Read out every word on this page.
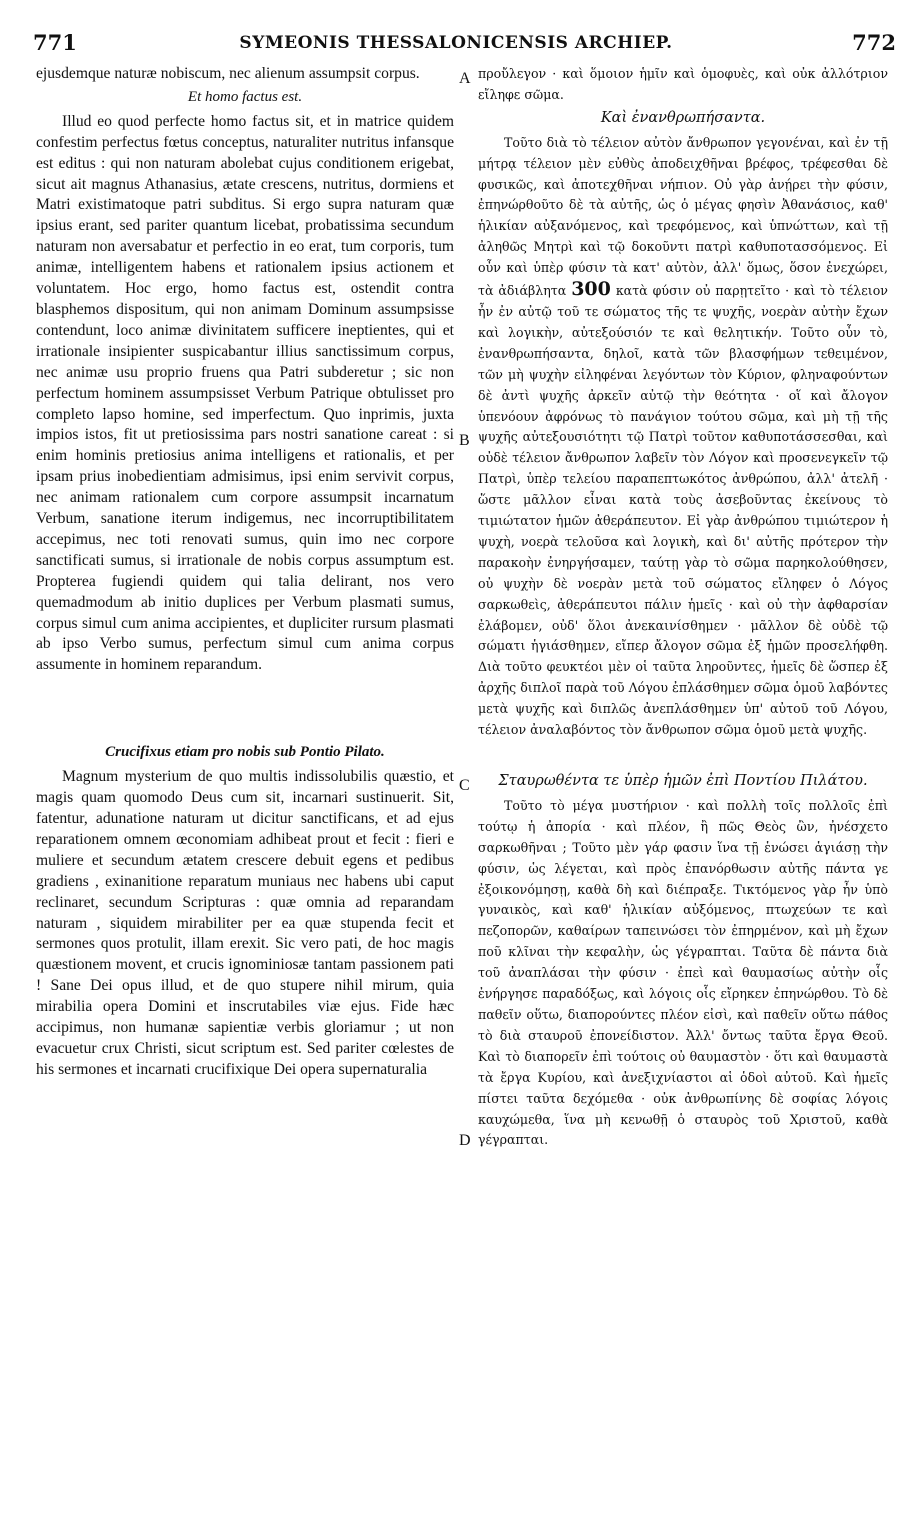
771	SYMEONIS THESSALONICENSIS ARCHIEP.	772

ejusdemque naturæ nobiscum, nec alienum assumpsit corpus.

Et homo factus est.

Illud eo quod perfecte homo factus sit, et in matrice quidem confestim perfectus fœtus conceptus, naturaliter nutritus infansque est editus : qui non naturam abolebat cujus conditionem erigebat, sicut ait magnus Athanasius, ætate crescens, nutritus, dormiens et Matri existimatoque patri subditus. Si ergo supra naturam quæ ipsius erant, sed pariter quantum licebat, probatissima secundum naturam non aversabatur et perfectio in eo erat, tum corporis, tum animæ, intelligentem habens et rationalem ipsius actionem et voluntatem. Hoc ergo, homo factus est, ostendit contra blasphemos dispositum, qui non animam Dominum assumpsisse contendunt, loco animæ divinitatem sufficere ineptientes, qui et irrationale insipienter suspicabantur illius sanctissimum corpus, nec animæ usu proprio fruens qua Patri subderetur ; sic non perfectum hominem assumpsisset Verbum Patrique obtulisset pro completo lapso homine, sed imperfectum. Quo inprimis, juxta impios istos, fit ut pretiosissima pars nostri sanatione careat : si enim hominis pretiosius anima intelligens et rationalis, et per ipsam prius inobedientiam admisimus, ipsi enim servivit corpus, nec animam rationalem cum corpore assumpsit incarnatum Verbum, sanatione iterum indigemus, nec incorruptibilitatem accepimus, nec toti renovati sumus, quin imo nec corpore sanctificati sumus, si irrationale de nobis corpus assumptum est. Propterea fugiendi quidem qui talia delirant, nos vero quemadmodum ab initio duplices per Verbum plasmati sumus, corpus simul cum anima accipientes, et dupliciter rursum plasmati ab ipso Verbo sumus, perfectum simul cum anima corpus assumente in hominem reparandum.

Crucifixus etiam pro nobis sub Pontio Pilato.

Magnum mysterium de quo multis indissolubilis quæstio, et magis quam quomodo Deus cum sit, incarnari sustinuerit. Sit, fatentur, adunatione naturam ut dicitur sanctificans, et ad ejus reparationem omnem œconomiam adhibeat prout et fecit : fieri e muliere et secundum ætatem crescere debuit egens et pedibus gradiens , exinanitione reparatum muniaus nec habens ubi caput reclinaret, secundum Scripturas : quæ omnia ad reparandam naturam , siquidem mirabiliter per ea quæ stupenda fecit et sermones quos protulit, illam erexit. Sic vero pati, de hoc magis quæstionem movent, et crucis ignominiosæ tantam passionem pati ! Sane Dei opus illud, et de quo stupere nihil mirum, quia mirabilia opera Domini et inscrutabiles viæ ejus. Fide hæc accipimus, non humanæ sapientiæ verbis gloriamur ; ut non evacuetur crux Christi, sicut scriptum est. Sed pariter cœlestes de his sermones et incarnati crucifixique Dei opera supernaturalia

A
B
C
D

προὔλεγον · καὶ ὅμοιον ἡμῖν καὶ ὁμοφυὲς, καὶ οὐκ ἀλλότριον εἴληφε σῶμα.

Καὶ ἐνανθρωπήσαντα.

Τοῦτο διὰ τὸ τέλειον αὐτὸν ἄνθρωπον γεγονέναι, καὶ ἐν τῇ μήτρᾳ τέλειον μὲν εὐθὺς ἀποδειχθῆναι βρέφος, τρέφεσθαι δὲ φυσικῶς, καὶ ἀποτεχθῆναι νήπιον. Οὐ γὰρ ἀνῄρει τὴν φύσιν, ἐπηνώρθοῦτο δὲ τὰ αὐτῆς, ὡς ὁ μέγας φησὶν Ἀθανάσιος, καθ' ἡλικίαν αὐξανόμενος, καὶ τρεφόμενος, καὶ ὑπνώττων, καὶ τῇ ἀληθῶς Μητρὶ καὶ τῷ δοκοῦντι πατρὶ καθυποτασσόμενος. Εἰ οὖν καὶ ὑπὲρ φύσιν τὰ κατ' αὐτὸν, ἀλλ' ὅμως, ὅσον ἐνεχώρει, τὰ ἀδιάβλητα 300 κατὰ φύσιν οὐ παρῃτεῖτο · καὶ τὸ τέλειον ἦν ἐν αὐτῷ τοῦ τε σώματος τῆς τε ψυχῆς, νοερὰν αὐτὴν ἔχων καὶ λογικὴν, αὐτεξούσιόν τε καὶ θελητικήν. Τοῦτο οὖν τὸ, ἐνανθρωπήσαντα, δηλοῖ, κατὰ τῶν βλασφήμων τεθειμένον, τῶν μὴ ψυχὴν εἰληφέναι λεγόντων τὸν Κύριον, φληναφούντων δὲ ἀντὶ ψυχῆς ἀρκεῖν αὐτῷ τὴν θεότητα · οἵ καὶ ἄλογον ὑπενόουν ἀφρόνως τὸ πανάγιον τούτου σῶμα, καὶ μὴ τῇ τῆς ψυχῆς αὐτεξουσιότητι τῷ Πατρὶ τοῦτον καθυποτάσσεσθαι, καὶ οὐδὲ τέλειον ἄνθρωπον λαβεῖν τὸν Λόγον καὶ προσενεγκεῖν τῷ Πατρὶ, ὑπὲρ τελείου παραπεπτωκότος ἀνθρώπου, ἀλλ' ἀτελῆ · ὥστε μᾶλλον εἶναι κατὰ τοὺς ἀσεβοῦντας ἐκείνους τὸ τιμιώτατον ἡμῶν ἀθεράπευτον. Εἰ γὰρ ἀνθρώπου τιμιώτερον ἡ ψυχὴ, νοερὰ τελοῦσα καὶ λογικὴ, καὶ δι' αὐτῆς πρότερον τὴν παρακοὴν ἐνηργήσαμεν, ταύτῃ γὰρ τὸ σῶμα παρηκολούθησεν, οὐ ψυχὴν δὲ νοερὰν μετὰ τοῦ σώματος εἴληφεν ὁ Λόγος σαρκωθεὶς, ἀθεράπευτοι πάλιν ἡμεῖς · καὶ οὐ τὴν ἀφθαρσίαν ἐλάβομεν, οὐδ' ὅλοι ἀνεκαινίσθημεν · μᾶλλον δὲ οὐδὲ τῷ σώματι ἡγιάσθημεν, εἴπερ ἄλογον σῶμα ἐξ ἡμῶν προσελήφθη. Διὰ τοῦτο φευκτέοι μὲν οἱ ταῦτα ληροῦντες, ἡμεῖς δὲ ὥσπερ ἐξ ἀρχῆς διπλοῖ παρὰ τοῦ Λόγου ἐπλάσθημεν σῶμα ὁμοῦ λαβόντες μετὰ ψυχῆς καὶ διπλῶς ἀνεπλάσθημεν ὑπ' αὐτοῦ τοῦ Λόγου, τέλειον ἀναλαβόντος τὸν ἄνθρωπον σῶμα ὁμοῦ μετὰ ψυχῆς.

Σταυρωθέντα τε ὑπὲρ ἡμῶν ἐπὶ Ποντίου Πιλάτου.

Τοῦτο τὸ μέγα μυστήριον · καὶ πολλὴ τοῖς πολλοῖς ἐπὶ τούτῳ ἡ ἀπορία · καὶ πλέον, ἢ πῶς Θεὸς ὢν, ἠνέσχετο σαρκωθῆναι ; Τοῦτο μὲν γάρ φασιν ἵνα τῇ ἑνώσει ἁγιάσῃ τὴν φύσιν, ὡς λέγεται, καὶ πρὸς ἐπανόρθωσιν αὐτῆς πάντα γε ἐξοικονόμησῃ, καθὰ δὴ καὶ διέπραξε. Τικτόμενος γὰρ ἦν ὑπὸ γυναικὸς, καὶ καθ' ἡλικίαν αὐξόμενος, πτωχεύων τε καὶ πεζοπορῶν, καθαίρων ταπεινώσει τὸν ἐπηρμένον, καὶ μὴ ἔχων ποῦ κλῖναι τὴν κεφαλὴν, ὡς γέγραπται. Ταῦτα δὲ πάντα διὰ τοῦ ἀναπλάσαι τὴν φύσιν · ἐπεὶ καὶ θαυμασίως αὐτὴν οἷς ἐνήργησε παραδόξως, καὶ λόγοις οἷς εἴρηκεν ἐπηνώρθου. Τὸ δὲ παθεῖν οὕτω, διαπορούντες πλέον εἰσὶ, καὶ παθεῖν οὕτω πάθος τὸ διὰ σταυροῦ ἐπονείδιστον. Ἀλλ' ὄντως ταῦτα ἔργα Θεοῦ. Καὶ τὸ διαπορεῖν ἐπὶ τούτοις οὐ θαυμαστὸν · ὅτι καὶ θαυμαστὰ τὰ ἔργα Κυρίου, καὶ ἀνεξιχνίαστοι αἱ ὁδοὶ αὐτοῦ. Καὶ ἡμεῖς πίστει ταῦτα δεχόμεθα · οὐκ ἀνθρωπίνης δὲ σοφίας λόγοις καυχώμεθα, ἵνα μὴ κενωθῇ ὁ σταυρὸς τοῦ Χριστοῦ, καθὰ γέγραπται.
